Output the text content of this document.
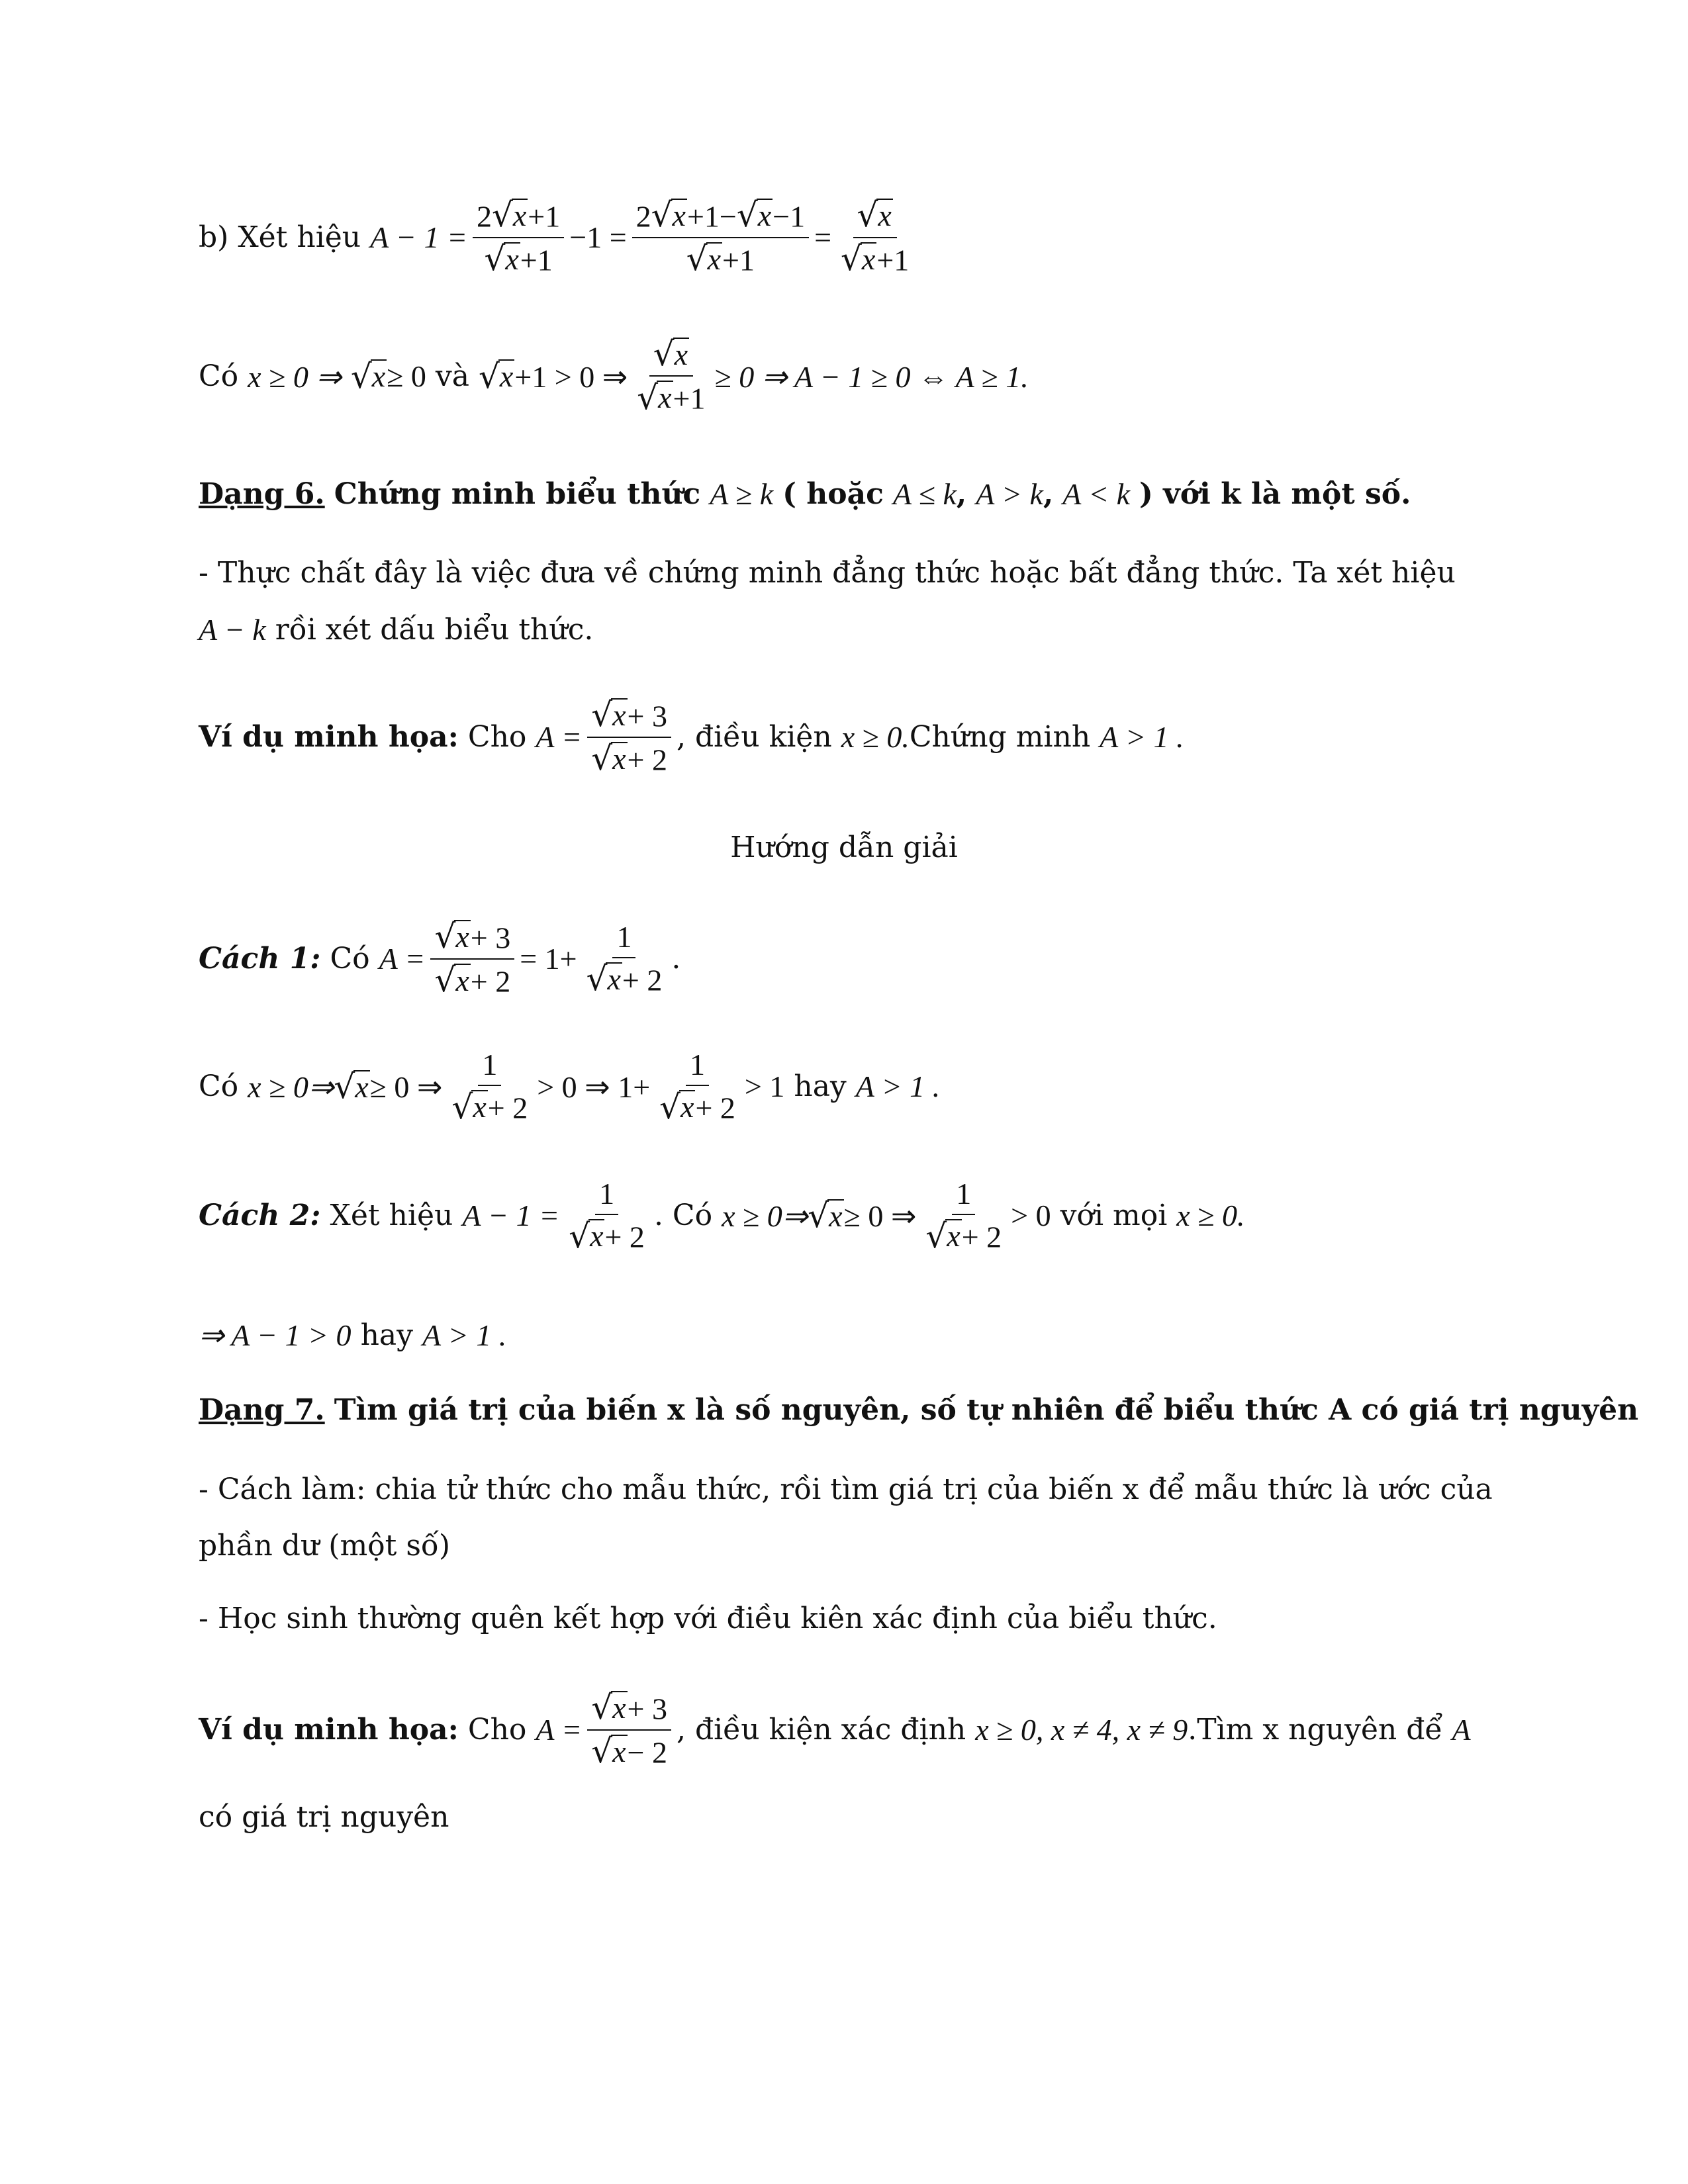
b) Xét hiệu $A - 1 = \frac{2 √ x +1}{√ x +1} -1 = \frac{2 √ x +1- √ x -1}{√ x +1} = \frac{√ x}{√ x +1}$
Có x ≥ 0 ⇒ √ x ≥ 0 và √ x +1 > 0 ⇒ $\frac{√ x}{√ x +1} \ge 0$ ⇒ A − 1 ≥ 0 ⇔ A ≥ 1.
Dạng 6. Chứng minh biểu thức A ≥ k ( hoặc A ≤ k , A > k , A < k ) với k là một số.
- Thực chất đây là việc đưa về chứng minh đẳng thức hoặc bất đẳng thức. Ta xét hiệu
A − k rồi xét dấu biểu thức.
Ví dụ minh họa: Cho $A = \frac{√ x + 3}{√ x + 2}$ , điều kiện x ≥ 0. Chứng minh A > 1 .
Hướng dẫn giải
Cách 1: Có $A = \frac{√ x + 3}{√ x + 2} = 1+ \frac{1}{√ x + 2}$ .
Có x ≥ 0⇒ √ x ≥ 0 ⇒ $\frac{1}{√ x + 2} > 0$ ⇒ $1+ \frac{1}{√ x + 2} > 1$ hay A > 1 .
Cách 2: Xét hiệu $A - 1 = \frac{1}{√ x + 2}$ . Có x ≥ 0⇒ √ x ≥ 0 ⇒ $\frac{1}{√ x + 2} > 0$ với mọi x ≥ 0.
⇒ A − 1 > 0 hay A > 1 .
Dạng 7. Tìm giá trị của biến x là số nguyên, số tự nhiên để biểu thức A có giá trị nguyên
- Cách làm: chia tử thức cho mẫu thức, rồi tìm giá trị của biến x để mẫu thức là ước của
phần dư (một số)
- Học sinh thường quên kết hợp với điều kiên xác định của biểu thức.
Ví dụ minh họa: Cho $A = \frac{√ x + 3}{√ x - 2}$ , điều kiện xác định x ≥ 0, x ≠ 4, x ≠ 9 .Tìm x nguyên để A
có giá trị nguyên
